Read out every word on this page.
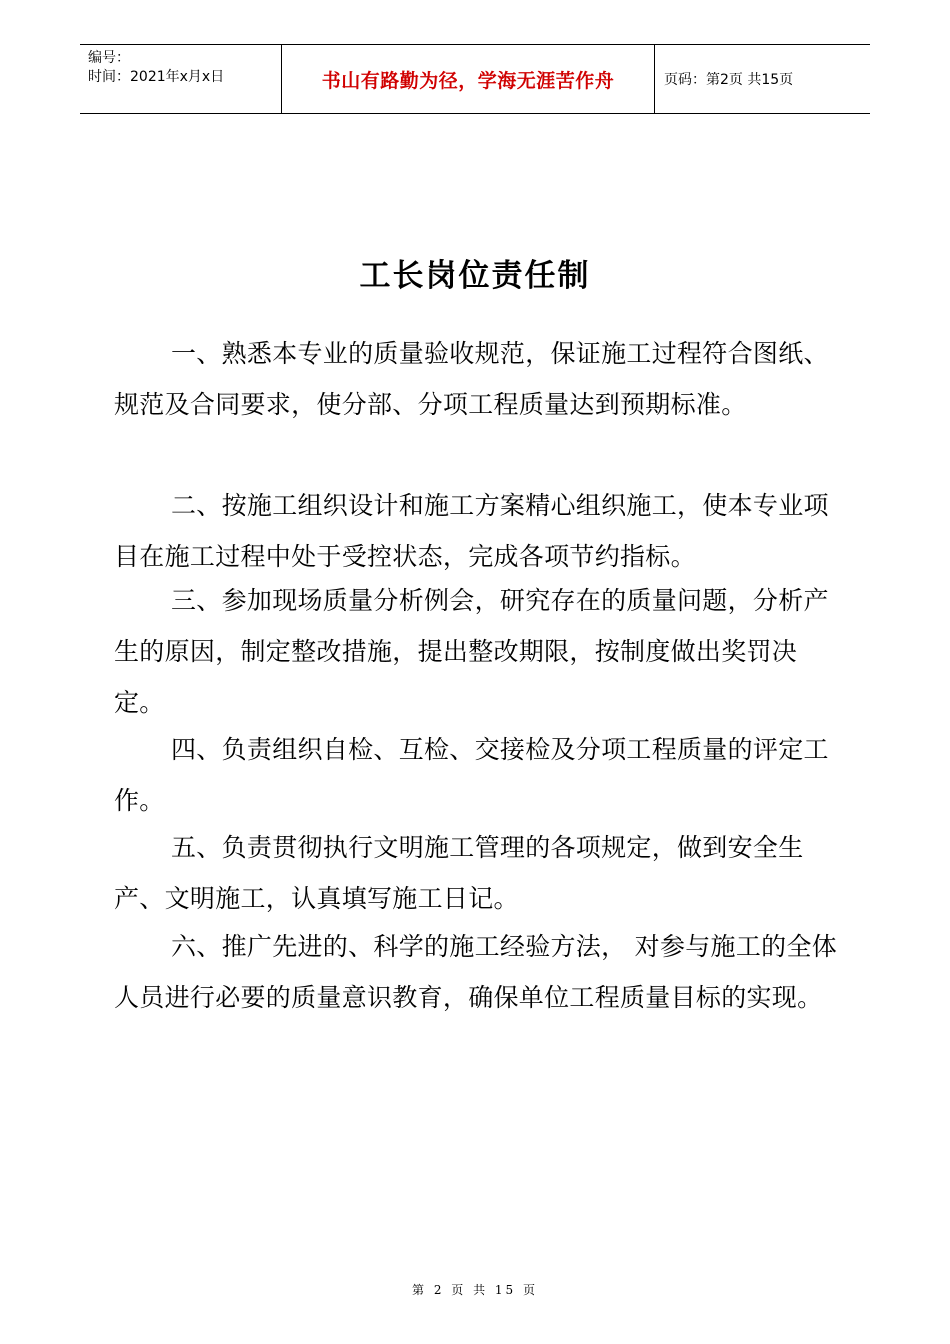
编号：
时间：2021年x月x日	书山有路勤为径，学海无涯苦作舟	页码：第2页 共15页
工长岗位责任制

一、熟悉本专业的质量验收规范，保证施工过程符合图纸、规范及合同要求，使分部、分项工程质量达到预期标准。

二、按施工组织设计和施工方案精心组织施工，使本专业项目在施工过程中处于受控状态，完成各项节约指标。

三、参加现场质量分析例会，研究存在的质量问题，分析产生的原因，制定整改措施，提出整改期限，按制度做出奖罚决定。

四、负责组织自检、互检、交接检及分项工程质量的评定工作。

五、负责贯彻执行文明施工管理的各项规定，做到安全生产、文明施工，认真填写施工日记。

六、推广先进的、科学的施工经验方法， 对参与施工的全体人员进行必要的质量意识教育，确保单位工程质量目标的实现。

第 2 页 共 15 页
